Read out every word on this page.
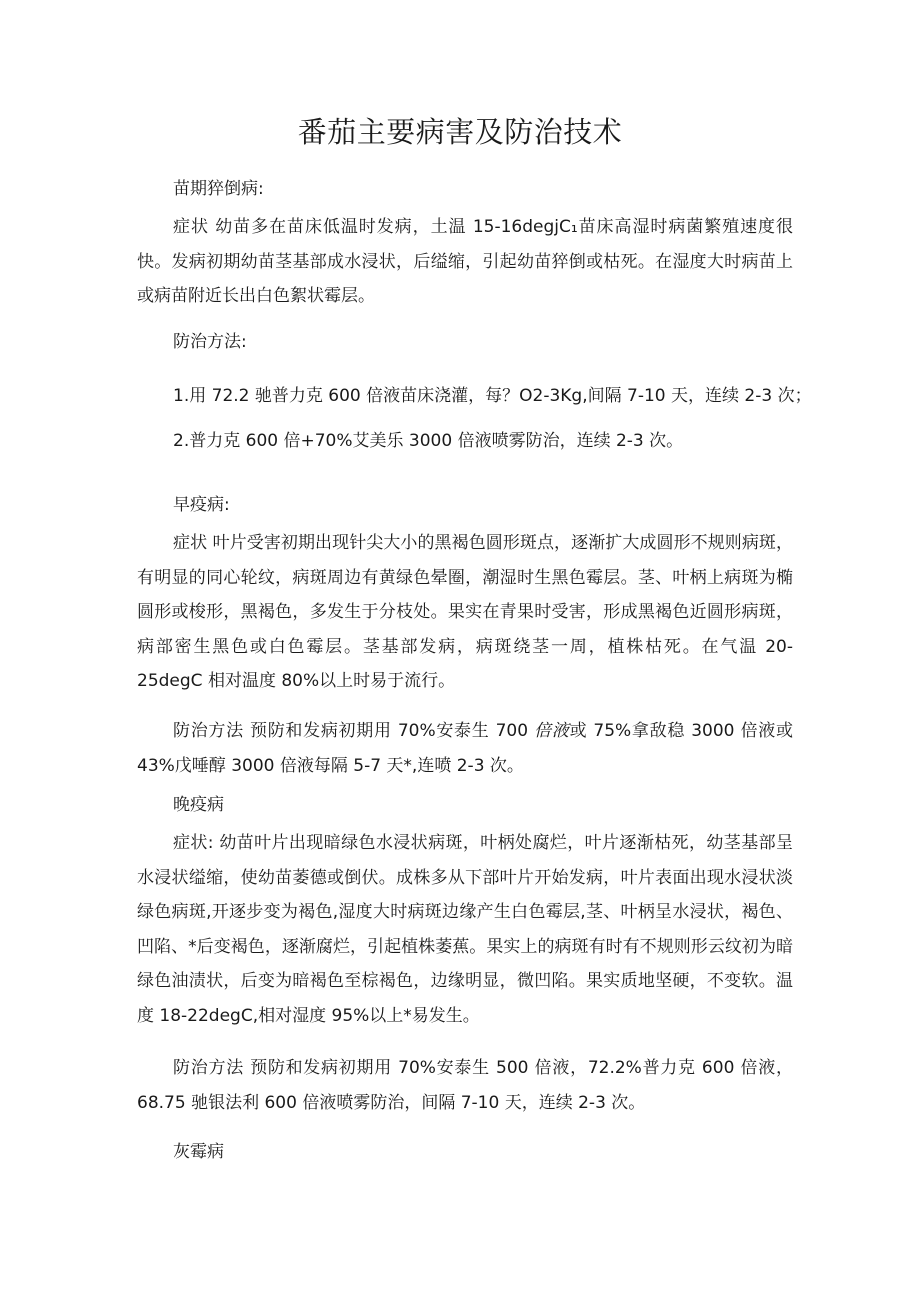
番茄主要病害及防治技术

苗期猝倒病:

症状 幼苗多在苗床低温时发病，土温 15-16degjC₁苗床高湿时病菌繁殖速度很快。发病初期幼苗茎基部成水浸状，后缢缩，引起幼苗猝倒或枯死。在湿度大时病苗上或病苗附近长出白色絮状霉层。

防治方法:

1.用 72.2 驰普力克 600 倍液苗床浇灌，每？O2-3Kg,间隔 7-10 天，连续 2-3 次；

2.普力克 600 倍+70%艾美乐 3000 倍液喷雾防治，连续 2-3 次。

早疫病:

症状 叶片受害初期出现针尖大小的黑褐色圆形斑点，逐渐扩大成圆形不规则病斑，有明显的同心轮纹，病斑周边有黄绿色晕圈，潮湿时生黑色霉层。茎、叶柄上病斑为椭圆形或梭形，黑褐色，多发生于分枝处。果实在青果时受害，形成黑褐色近圆形病斑，病部密生黑色或白色霉层。茎基部发病，病斑绕茎一周，植株枯死。在气温 20-25degC 相对温度 80%以上时易于流行。

防治方法 预防和发病初期用 70%安泰生 700 倍液或 75%拿敌稳 3000 倍液或 43%戊唾醇 3000 倍液每隔 5-7 天*,连喷 2-3 次。

晚疫病

症状: 幼苗叶片出现暗绿色水浸状病斑，叶柄处腐烂，叶片逐渐枯死，幼茎基部呈水浸状缢缩，使幼苗萎德或倒伏。成株多从下部叶片开始发病，叶片表面出现水浸状淡绿色病斑,开逐步变为褐色,湿度大时病斑边缘产生白色霉层,茎、叶柄呈水浸状，褐色、凹陷、*后变褐色，逐渐腐烂，引起植株萎蕉。果实上的病斑有时有不规则形云纹初为暗绿色油渍状，后变为暗褐色至棕褐色，边缘明显，微凹陷。果实质地坚硬，不变软。温度 18-22degC,相对湿度 95%以上*易发生。

防治方法 预防和发病初期用 70%安泰生 500 倍液，72.2%普力克 600 倍液，68.75 驰银法利 600 倍液喷雾防治，间隔 7-10 天，连续 2-3 次。

灰霉病
